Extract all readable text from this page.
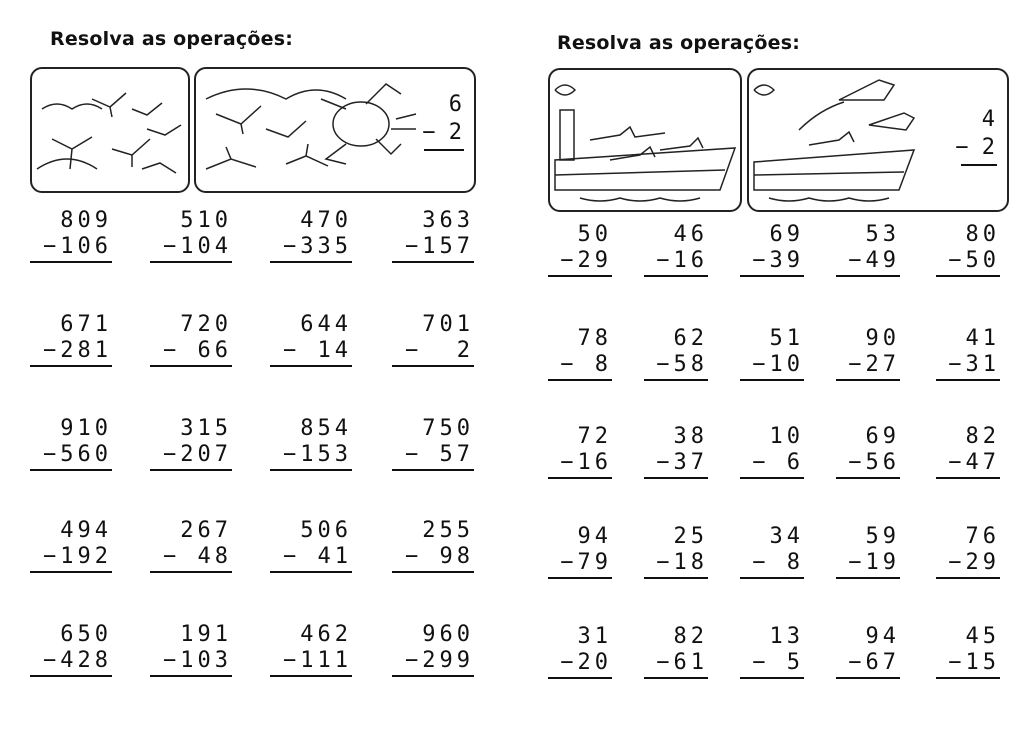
Resolva as operações:
6
− 2
809
−106
510
−104
470
−335
363
−157
671
−281
720
− 66
644
− 14
701
−  2
910
−560
315
−207
854
−153
750
− 57
494
−192
267
− 48
506
− 41
255
− 98
650
−428
191
−103
462
−111
960
−299
Resolva as operações:
4
− 2
50
−29
46
−16
69
−39
53
−49
80
−50
78
− 8
62
−58
51
−10
90
−27
41
−31
72
−16
38
−37
10
− 6
69
−56
82
−47
94
−79
25
−18
34
− 8
59
−19
76
−29
31
−20
82
−61
13
− 5
94
−67
45
−15
